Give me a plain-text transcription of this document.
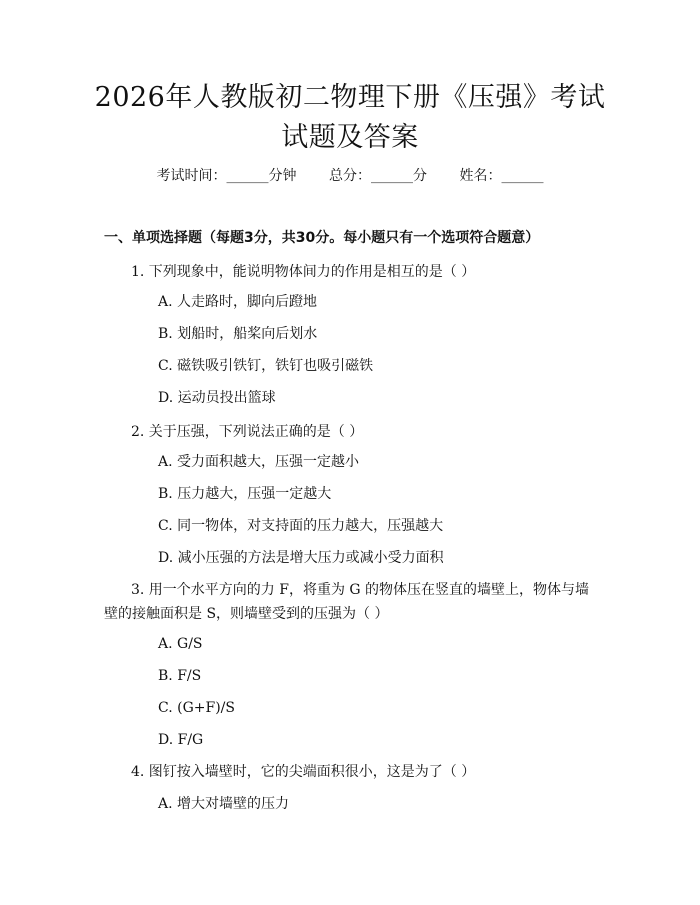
2026年人教版初二物理下册《压强》考试试题及答案
考试时间：______分钟 总分：______分 姓名：______
一、单项选择题（每题3分，共30分。每小题只有一个选项符合题意）
1. 下列现象中，能说明物体间力的作用是相互的是（ ）
A. 人走路时，脚向后蹬地
B. 划船时，船桨向后划水
C. 磁铁吸引铁钉，铁钉也吸引磁铁
D. 运动员投出篮球
2. 关于压强，下列说法正确的是（ ）
A. 受力面积越大，压强一定越小
B. 压力越大，压强一定越大
C. 同一物体，对支持面的压力越大，压强越大
D. 减小压强的方法是增大压力或减小受力面积
3. 用一个水平方向的力 F，将重为 G 的物体压在竖直的墙壁上，物体与墙壁的接触面积是 S，则墙壁受到的压强为（ ）
A. G/S
B. F/S
C. (G+F)/S
D. F/G
4. 图钉按入墙壁时，它的尖端面积很小，这是为了（ ）
A. 增大对墙壁的压力
